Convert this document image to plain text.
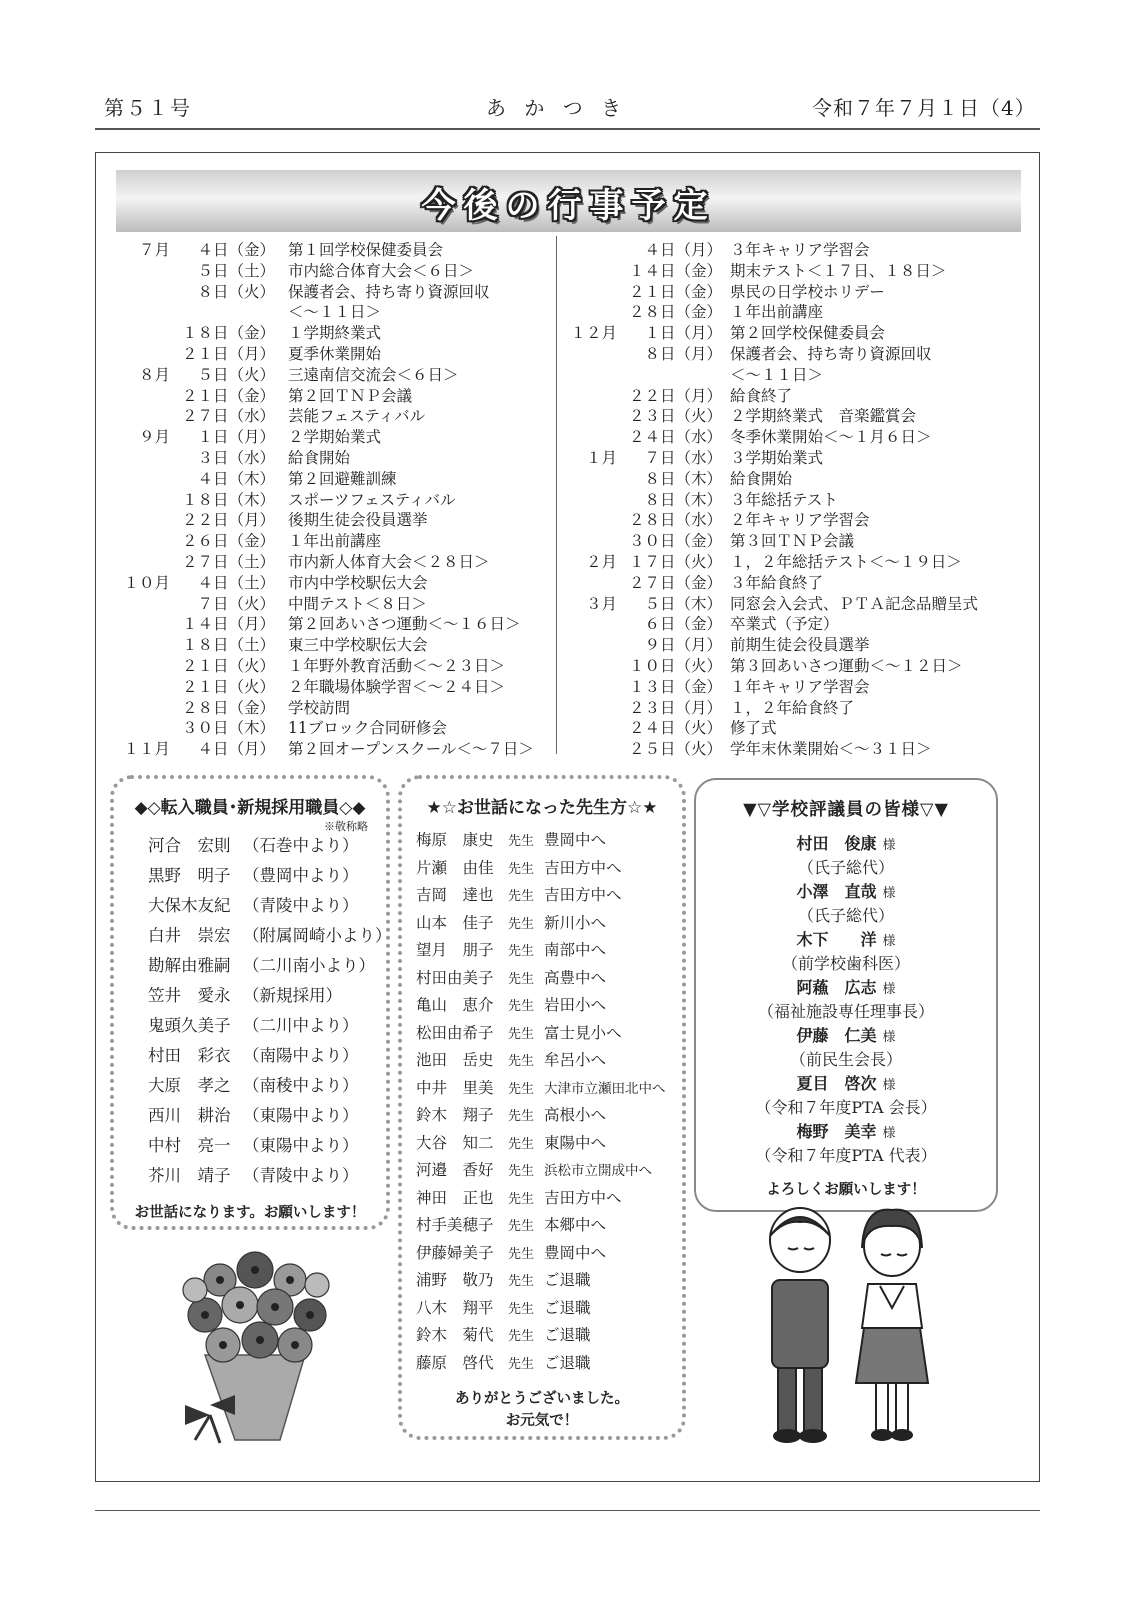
第５１号	あ か つ き	令和７年７月１日（4）
今後の行事予定
７月 ４日（金） 第１回学校保健委員会
５日（土） 市内総合体育大会＜６日＞
８日（火） 保護者会、持ち寄り資源回収
＜～１１日＞
１８日（金） １学期終業式
２１日（月） 夏季休業開始
８月 ５日（火） 三遠南信交流会＜６日＞
２１日（金） 第２回ＴＮＰ会議
２７日（水） 芸能フェスティバル
９月 １日（月） ２学期始業式
３日（水） 給食開始
４日（木） 第２回避難訓練
１８日（木） スポーツフェスティバル
２２日（月） 後期生徒会役員選挙
２６日（金） １年出前講座
２７日（土） 市内新人体育大会＜２８日＞
１０月 ４日（土） 市内中学校駅伝大会
７日（火） 中間テスト＜８日＞
１４日（月） 第２回あいさつ運動＜～１６日＞
１８日（土） 東三中学校駅伝大会
２１日（火） １年野外教育活動＜～２３日＞
２１日（火） ２年職場体験学習＜～２４日＞
２８日（金） 学校訪問
３０日（木） 11ブロック合同研修会
１１月 ４日（月） 第２回オープンスクール＜～７日＞
４日（月） ３年キャリア学習会
１４日（金） 期末テスト＜１７日、１８日＞
２１日（金） 県民の日学校ホリデー
２８日（金） １年出前講座
１２月 １日（月） 第２回学校保健委員会
８日（月） 保護者会、持ち寄り資源回収
＜～１１日＞
２２日（月） 給食終了
２３日（火） ２学期終業式　音楽鑑賞会
２４日（水） 冬季休業開始＜～１月６日＞
１月 ７日（水） ３学期始業式
８日（木） 給食開始
８日（木） ３年総括テスト
２８日（水） ２年キャリア学習会
３０日（金） 第３回ＴＮＰ会議
２月 １７日（火） １，２年総括テスト＜～１９日＞
２７日（金） ３年給食終了
３月 ５日（木） 同窓会入会式、ＰＴＡ記念品贈呈式
６日（金） 卒業式（予定）
９日（月） 前期生徒会役員選挙
１０日（火） 第３回あいさつ運動＜～１２日＞
１３日（金） １年キャリア学習会
２３日（月） １，２年給食終了
２４日（火） 修了式
２５日（火） 学年末休業開始＜～３１日＞
◆◇転入職員･新規採用職員◇◆
※敬称略
河合　宏則 （石巻中より）
黒野　明子 （豊岡中より）
大保木友紀 （青陵中より）
白井　崇宏 （附属岡崎小より）
勘解由雅嗣 （二川南小より）
笠井　愛永 （新規採用）
鬼頭久美子 （二川中より）
村田　彩衣 （南陽中より）
大原　孝之 （南稜中より）
西川　耕治 （東陽中より）
中村　亮一 （東陽中より）
芥川　靖子 （青陵中より）
お世話になります。お願いします！
★☆お世話になった先生方☆★
梅原　康史 先生 豊岡中へ
片瀬　由佳 先生 吉田方中へ
吉岡　達也 先生 吉田方中へ
山本　佳子 先生 新川小へ
望月　朋子 先生 南部中へ
村田由美子 先生 高豊中へ
亀山　恵介 先生 岩田小へ
松田由希子 先生 富士見小へ
池田　岳史 先生 牟呂小へ
中井　里美 先生 大津市立瀬田北中へ
鈴木　翔子 先生 高根小へ
大谷　知二 先生 東陽中へ
河邉　香好 先生 浜松市立開成中へ
神田　正也 先生 吉田方中へ
村手美穂子 先生 本郷中へ
伊藤婦美子 先生 豊岡中へ
浦野　敬乃 先生 ご退職
八木　翔平 先生 ご退職
鈴木　菊代 先生 ご退職
藤原　啓代 先生 ご退職
ありがとうございました。
お元気で！
▼▽学校評議員の皆様▽▼
村田　俊康 様
（氏子総代）
小澤　直哉 様
（氏子総代）
木下　　洋 様
（前学校歯科医）
阿蘓　広志 様
（福祉施設専任理事長）
伊藤　仁美 様
（前民生会長）
夏目　啓次 様
（令和７年度PTA 会長）
梅野　美幸 様
（令和７年度PTA 代表）
よろしくお願いします！
